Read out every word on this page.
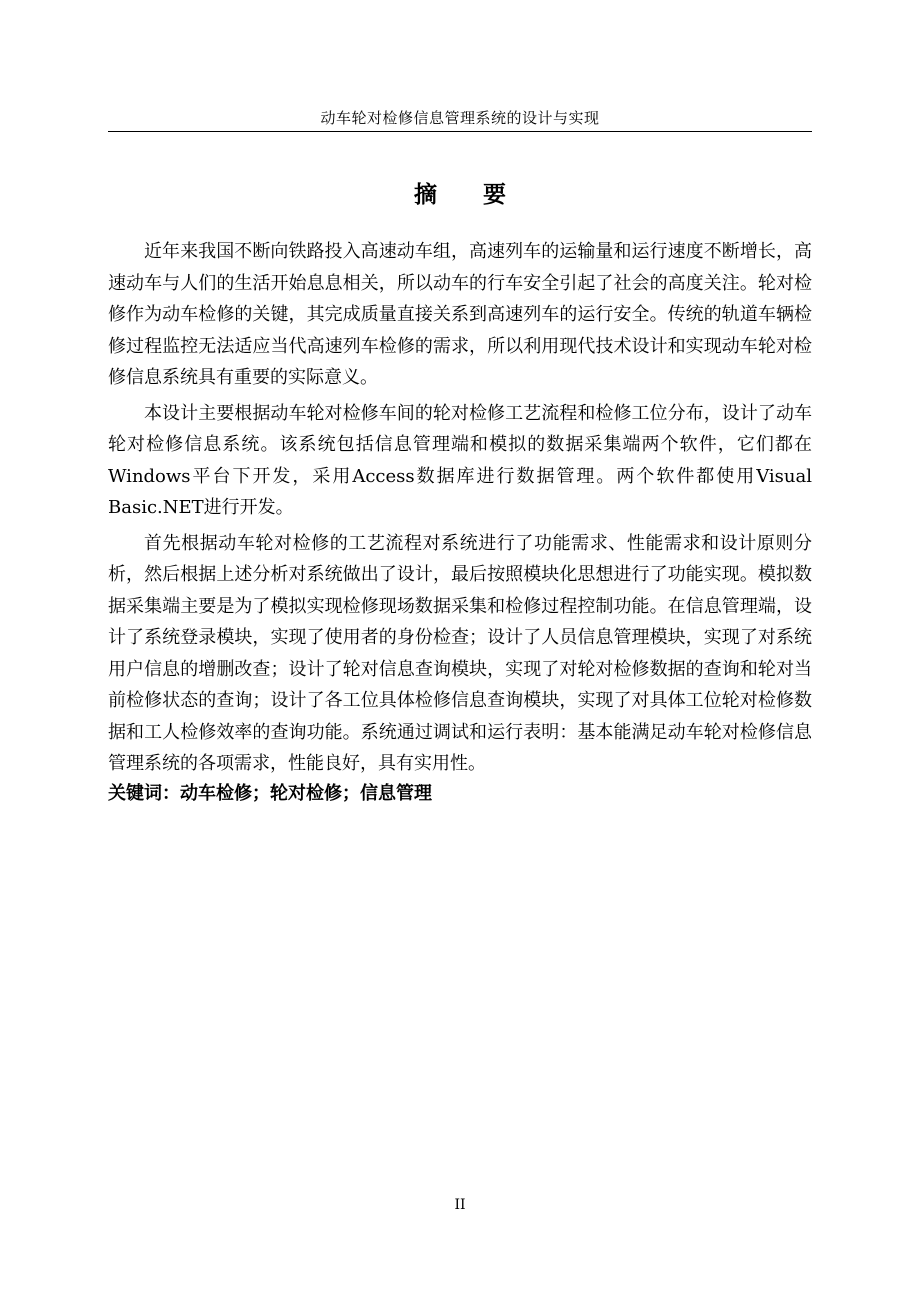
动车轮对检修信息管理系统的设计与实现
摘要

近年来我国不断向铁路投入高速动车组，高速列车的运输量和运行速度不断增长，高速动车与人们的生活开始息息相关，所以动车的行车安全引起了社会的高度关注。轮对检修作为动车检修的关键，其完成质量直接关系到高速列车的运行安全。传统的轨道车辆检修过程监控无法适应当代高速列车检修的需求，所以利用现代技术设计和实现动车轮对检修信息系统具有重要的实际意义。

本设计主要根据动车轮对检修车间的轮对检修工艺流程和检修工位分布，设计了动车轮对检修信息系统。该系统包括信息管理端和模拟的数据采集端两个软件，它们都在Windows平台下开发，采用Access数据库进行数据管理。两个软件都使用Visual Basic.NET进行开发。

首先根据动车轮对检修的工艺流程对系统进行了功能需求、性能需求和设计原则分析，然后根据上述分析对系统做出了设计，最后按照模块化思想进行了功能实现。模拟数据采集端主要是为了模拟实现检修现场数据采集和检修过程控制功能。在信息管理端，设计了系统登录模块，实现了使用者的身份检查；设计了人员信息管理模块，实现了对系统用户信息的增删改查；设计了轮对信息查询模块，实现了对轮对检修数据的查询和轮对当前检修状态的查询；设计了各工位具体检修信息查询模块，实现了对具体工位轮对检修数据和工人检修效率的查询功能。系统通过调试和运行表明：基本能满足动车轮对检修信息管理系统的各项需求，性能良好，具有实用性。

关键词：动车检修；轮对检修；信息管理
II
